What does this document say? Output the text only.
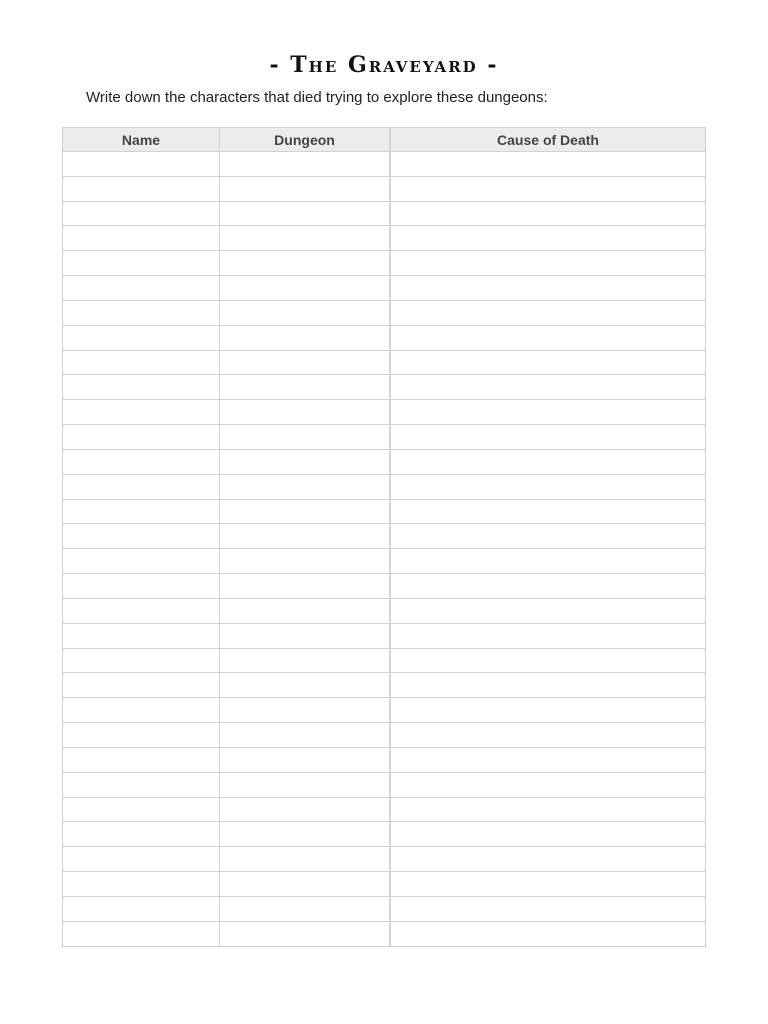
- The Graveyard -
Write down the characters that died trying to explore these dungeons:
Name	Dungeon	Cause of Death
